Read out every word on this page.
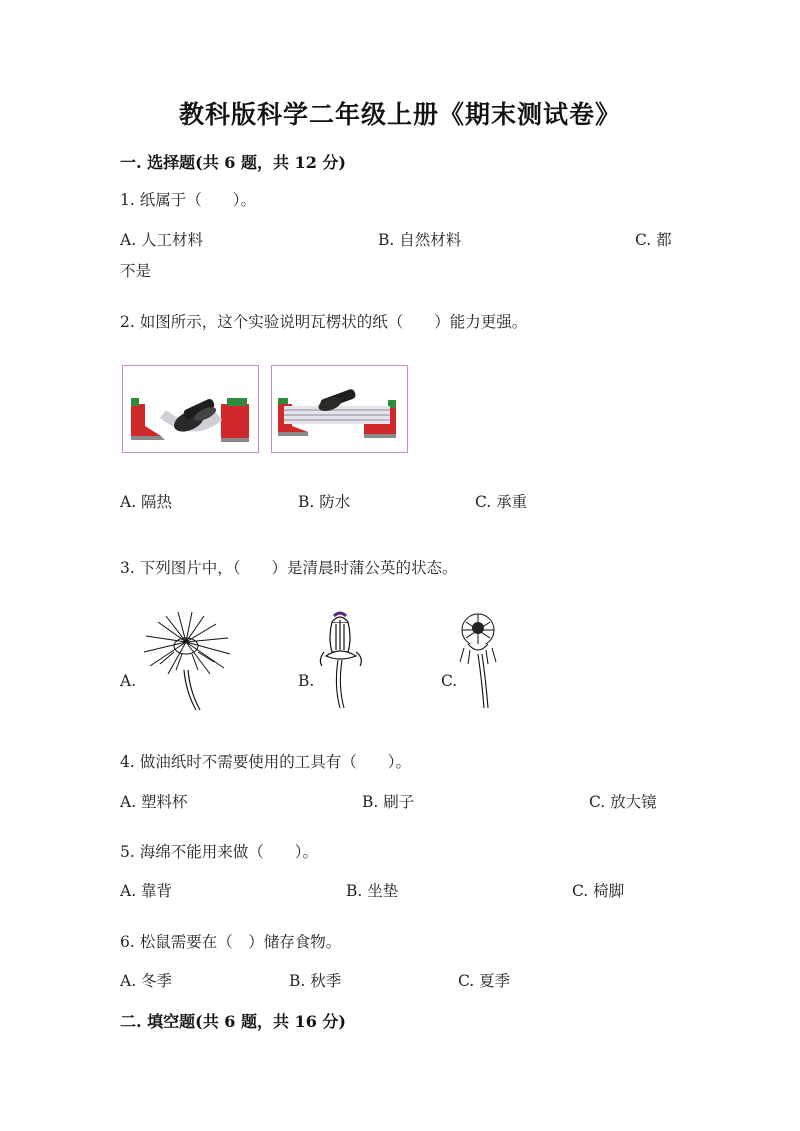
教科版科学二年级上册《期末测试卷》
一. 选择题(共 6 题，共 12 分)
1. 纸属于（　　）。
A. 人工材料	B. 自然材料	C. 都
不是
2. 如图所示，这个实验说明瓦楞状的纸（　　）能力更强。
A. 隔热	B. 防水	C. 承重
3. 下列图片中，（　　）是清晨时蒲公英的状态。
A.	B.	C.
4. 做油纸时不需要使用的工具有（　　）。
A. 塑料杯	B. 刷子	C. 放大镜
5. 海绵不能用来做（　　）。
A. 靠背	B. 坐垫	C. 椅脚
6. 松鼠需要在（　）储存食物。
A. 冬季	B. 秋季	C. 夏季
二. 填空题(共 6 题，共 16 分)
